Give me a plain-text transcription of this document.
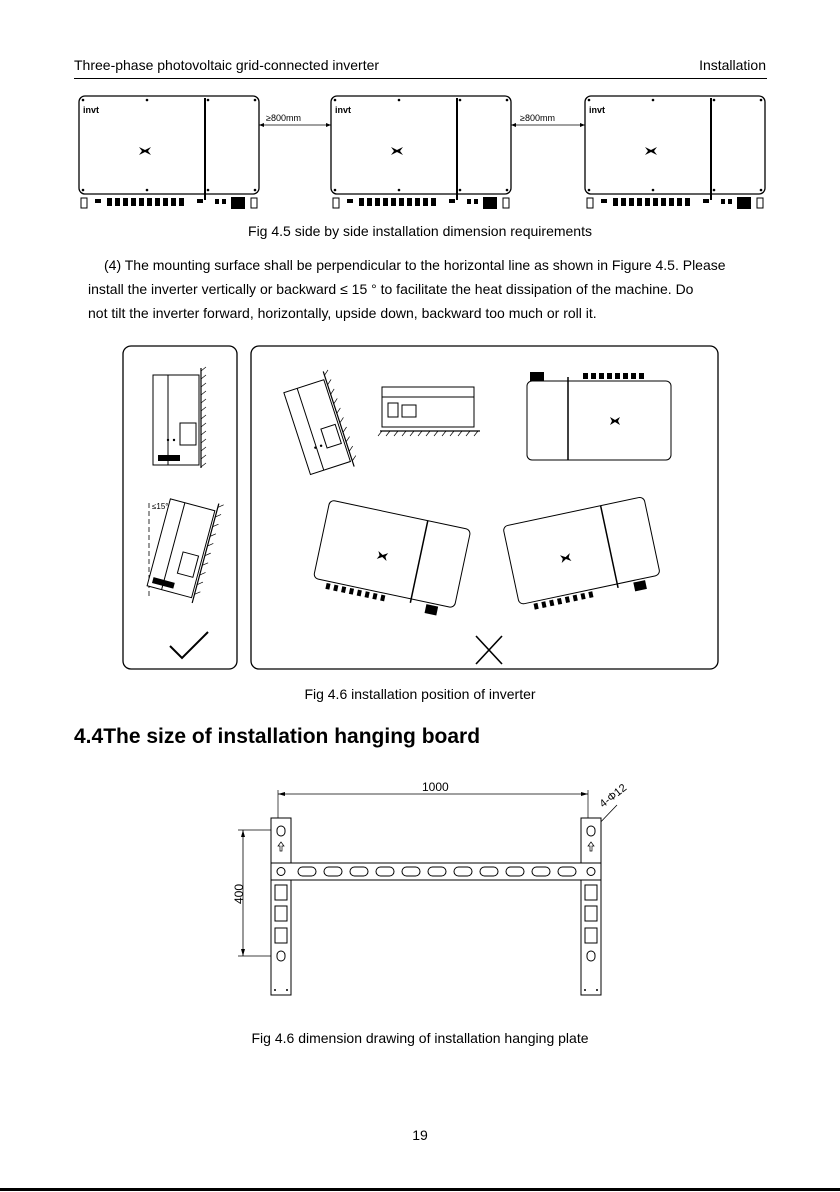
Three-phase photovoltaic grid-connected inverter	Installation
invt	invt	invt
≥800mm	≥800mm
Fig 4.5 side by side installation dimension requirements

(4) The mounting surface shall be perpendicular to the horizontal line as shown in Figure 4.5. Please

install the inverter vertically or backward ≤ 15 ° to facilitate the heat dissipation of the machine. Do

not tilt the inverter forward, horizontally, upside down, backward too much or roll it.

≤15°
Fig 4.6 installation position of inverter
4.4The size of installation hanging board
1000	4-Φ12
400
Fig 4.6 dimension drawing of installation hanging plate
19
